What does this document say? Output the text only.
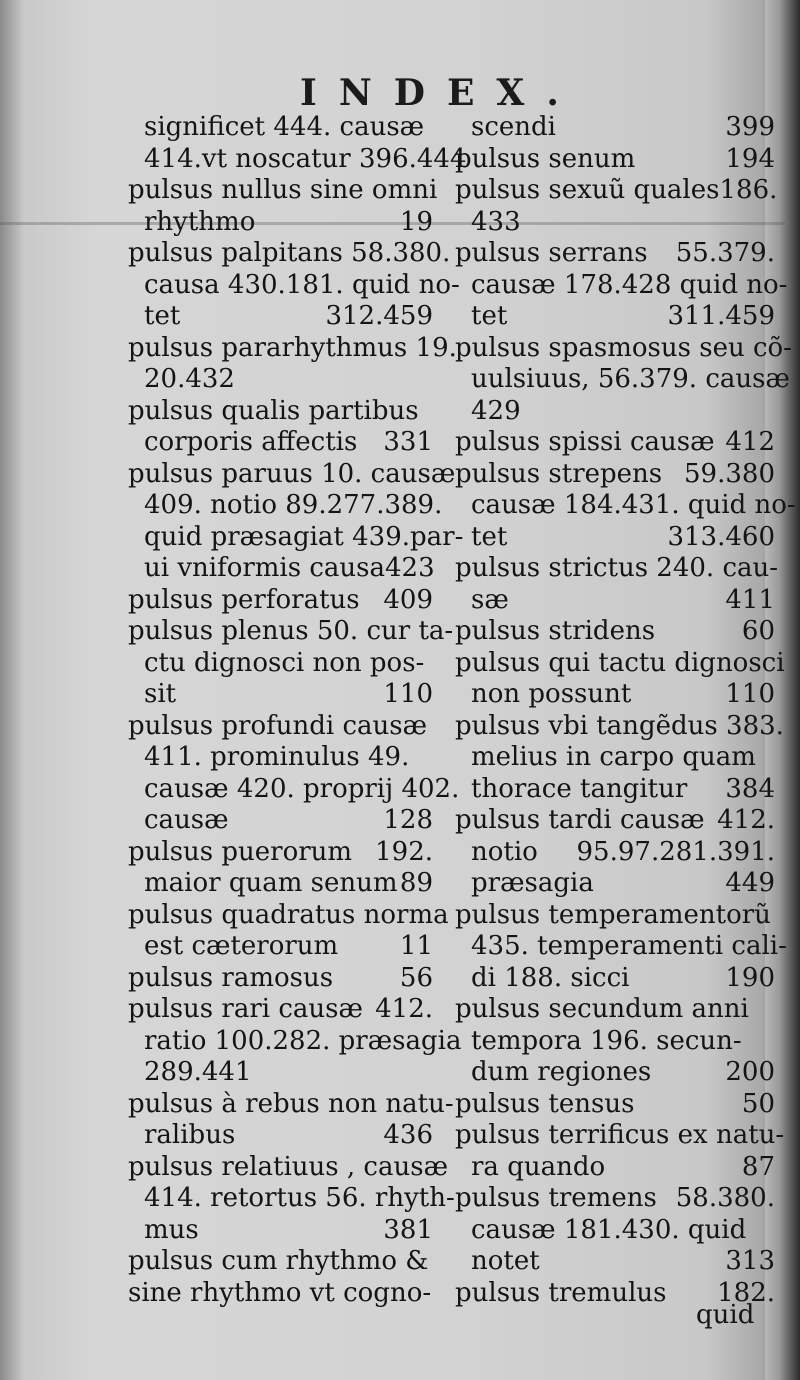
INDEX.
significet 444. causæ
414.vt noscatur 396.444
pulsus nullus sine omni
rhythmo	19
pulsus palpitans 58.380.
causa 430.181. quid no-
tet	312.459
pulsus pararhythmus 19.
20.432
pulsus qualis partibus
corporis affectis 331
pulsus paruus 10. causæ
409. notio 89.277.389.
quid præsagiat 439.par-
ui vniformis causa 423
pulsus perforatus 409
pulsus plenus 50. cur ta-
ctu dignosci non pos-
sit	110
pulsus profundi causæ
411. prominulus 49.
causæ 420. proprij 402.
causæ	128
pulsus puerorum 192.
maior quam senum 89
pulsus quadratus norma
est cæterorum 11
pulsus ramosus	56
pulsus rari causæ 412.
ratio 100.282. præsagia
289.441
pulsus à rebus non natu-
ralibus	436
pulsus relatiuus , causæ
414. retortus 56. rhyth-
mus	381
pulsus cum rhythmo &
sine rhythmo vt cogno-
scendi	399
pulsus senum	194
pulsus sexuũ quales 186.
433
pulsus serrans 55.379.
causæ 178.428 quid no-
tet	311.459
pulsus spasmosus seu cõ-
uulsiuus, 56.379. causæ
429
pulsus spissi causæ 412
pulsus strepens 59.380
causæ 184.431. quid no-
tet	313.460
pulsus strictus 240. cau-
sæ	411
pulsus stridens	60
pulsus qui tactu dignosci
non possunt	110
pulsus vbi tangẽdus 383.
melius in carpo quam
thorace tangitur 384
pulsus tardi causæ 412.
notio 95.97.281.391.
præsagia	449
pulsus temperamentorũ
435. temperamenti cali-
di 188. sicci	190
pulsus secundum anni
tempora 196. secun-
dum regiones	200
pulsus tensus	50
pulsus terrificus ex natu-
ra quando	87
pulsus tremens 58.380.
causæ 181.430. quid
notet	313
pulsus tremulus 182.
quid
